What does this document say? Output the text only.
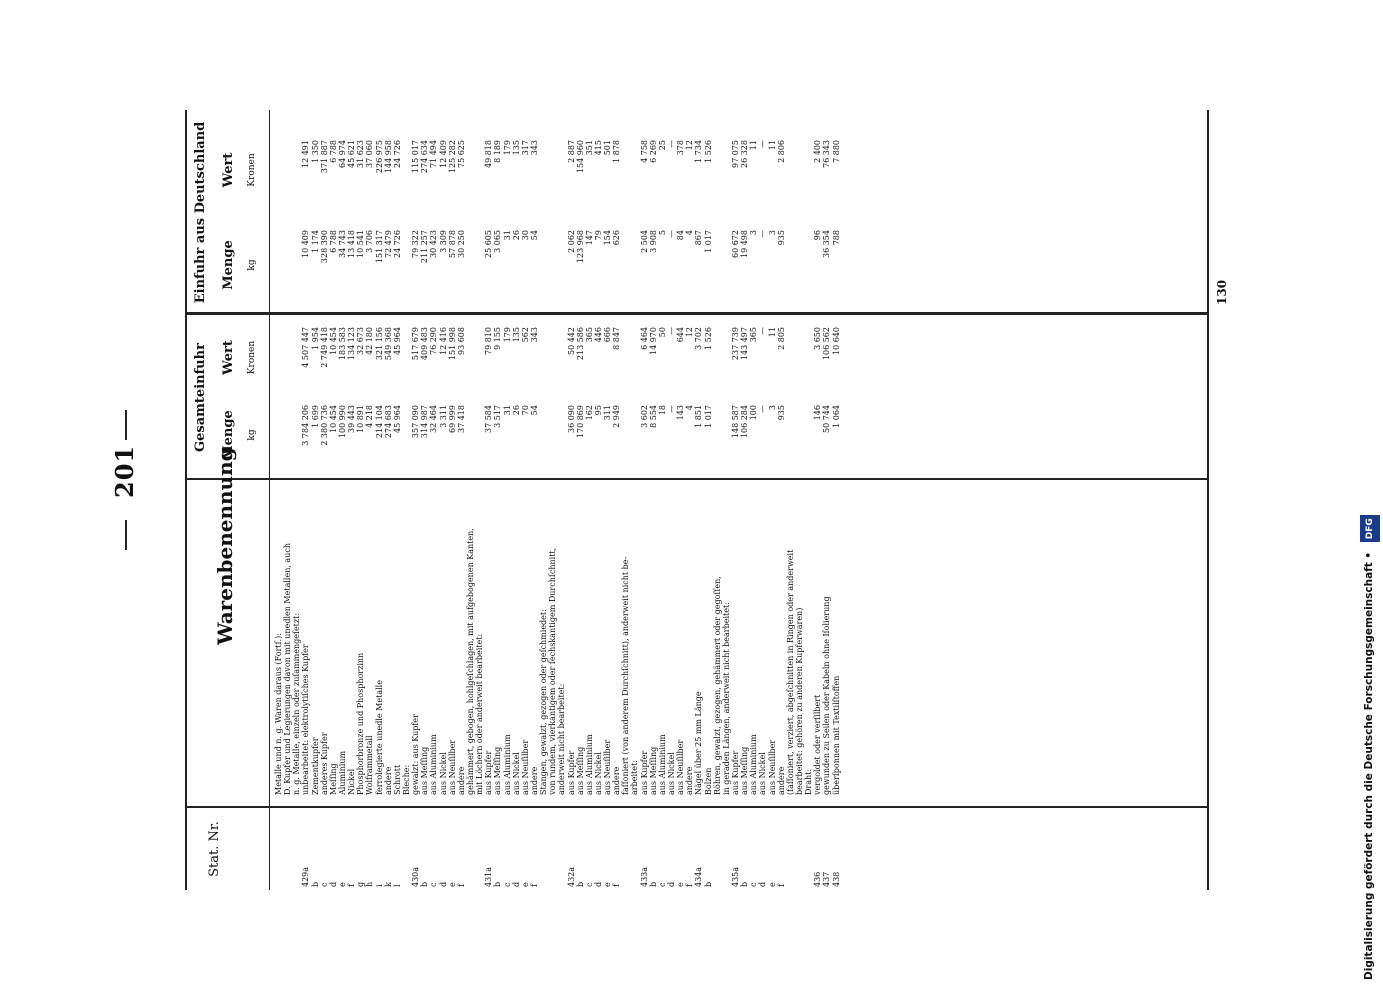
201
Stat. Nr.
Warenbenennung
Gesamteinfuhr Menge
Wert
kg
Kronen
Einfuhr aus Deutschland Menge
Wert
kg
Kronen
Metalle und n. g. Waren daraus (Fortſ.): D. Kupfer und Legierungen davon mit unedlen Metallen, auch n. g. Metalle, einzeln oder zuſammengeſetzt:
429a
unbearbeitet: elektrolytiſches Kupfer
3 784 206
4 507 447
10 409
12 491
b
Zementkupfer
1 699
1 954
1 174
1 350
c
anderes Kupfer
2 380 736
2 749 418
328 390
371 887
d
Meſſing
10 454
10 454
6 788
6 788
e
Aluminium
100 990
183 583
34 743
64 974
f
Nickel
39 443
134 123
13 418
45 621
g
Phosphorbronze und Phosphorzinn
10 891
32 673
10 541
31 623
h
Wolframmetall
4 218
42 180
3 706
37 060
i
ferrolegierte unedle Metalle
214 104
321 156
151 317
226 975
k
andere
274 683
549 368
72 479
144 958
l
Schrott
45 964
45 964
24 726
24 726
Bleche:
430a
gewalzt: aus Kupfer
357 090
517 679
79 322
115 017
b
aus Meſſing
314 987
409 483
211 257
274 634
c
aus Aluminium
32 464
76 290
30 423
71 494
d
aus Nickel
3 311
12 416
3 309
12 409
e
aus Neuſilber
69 999
151 998
57 878
125 282
f
andere
37 418
93 608
30 250
75 625
gehämmert, gebogen, hohlgeſchlagen, mit aufgebogenen Kanten, mit Löchern oder anderweit bearbeitet:
431a
aus Kupfer
37 584
79 810
25 605
49 818
b
aus Meſſing
3 517
9 155
3 065
8 189
c
aus Aluminium
31
179
31
179
d
aus Nickel
26
135
26
135
e
aus Neuſilber
70
562
30
317
f
andere
54
343
54
343
Stangen, gewalzt, gezogen oder geſchmiedet: von rundem, vierkantigem oder ſechskantigem Durchſchnitt, anderweit nicht bearbeitet:
432a
aus Kupfer
36 090
50 442
2 062
2 887
b
aus Meſſing
170 869
213 586
123 968
154 960
c
aus Aluminium
162
365
147
351
d
aus Nickel
95
446
79
415
e
aus Neuſilber
311
666
154
501
f
andere
2 949
8 847
626
1 878
faſſoniert (von anderem Durchſchnitt), anderweit nicht be- arbeitet:
433a
aus Kupfer
3 602
6 464
2 504
4 758
b
aus Meſſing
8 554
14 970
3 908
6 269
c
aus Aluminium
18
50
5
25
d
aus Nickel
—
—
—
—
e
aus Neuſilber
143
644
84
378
f
andere
4
12
4
12
434a
Nägel über 25 mm Länge
1 851
3 702
867
1 734
b
Bolzen
1 017
1 526
1 017
1 526
Röhren, gewalzt, gezogen, gehämmert oder gegoſſen, in geraden Längen, anderweit nicht bearbeitet:
435a
aus Kupfer
148 587
237 739
60 672
97 075
b
aus Meſſing
106 284
143 497
19 498
26 328
c
aus Aluminium
100
365
3
11
d
aus Nickel
—
—
—
—
e
aus Neuſilber
3
11
3
11
f
andere
935
2 805
935
2 806
(faſſoniert, verziert, abgeſchnitten in Ringen oder anderweit bearbeitet: gehören zu anderen Kupferwaren) Draht:
436
vergoldet oder verſilbert
146
3 650
96
2 400
437
gewunden zu Seilen oder Kabeln ohne Iſolierung
50 744
106 562
36 354
76 343
438
überſponnen mit Textilſtoffen
1 064
10 640
788
7 880
130
Digitalisierung gefördert durch die Deutsche Forschungsgemeinschaft • DFG
